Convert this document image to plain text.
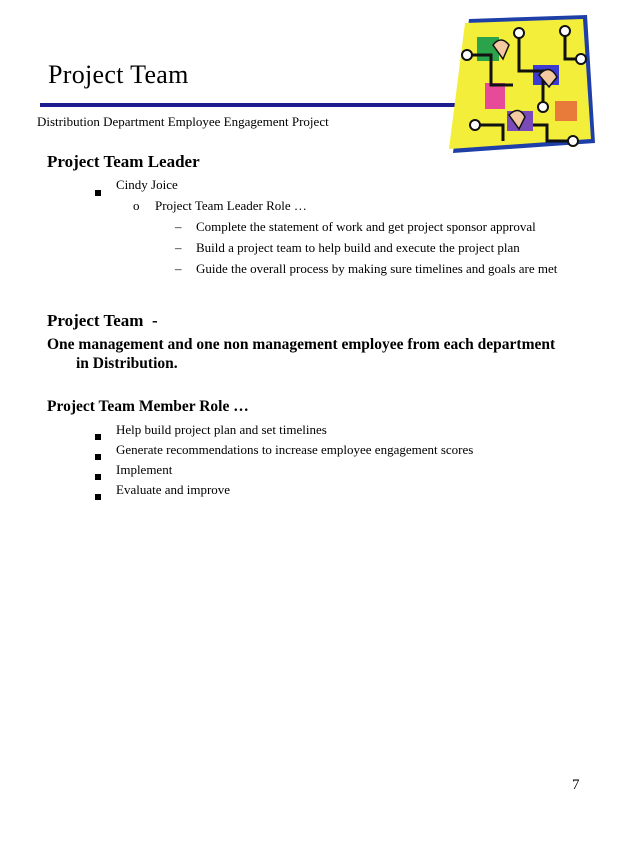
Project Team
Distribution Department Employee Engagement Project
Project Team Leader
Cindy Joice
o Project Team Leader Role …
– Complete the statement of work and get project sponsor approval
– Build a project team to help build and execute the project plan
– Guide the overall process by making sure timelines and goals are met
Project Team  -
One management and one non management employee from each department
in Distribution.
Project Team Member Role …
Help build project plan and set timelines
Generate recommendations to increase employee engagement scores
Implement
Evaluate and improve
7
